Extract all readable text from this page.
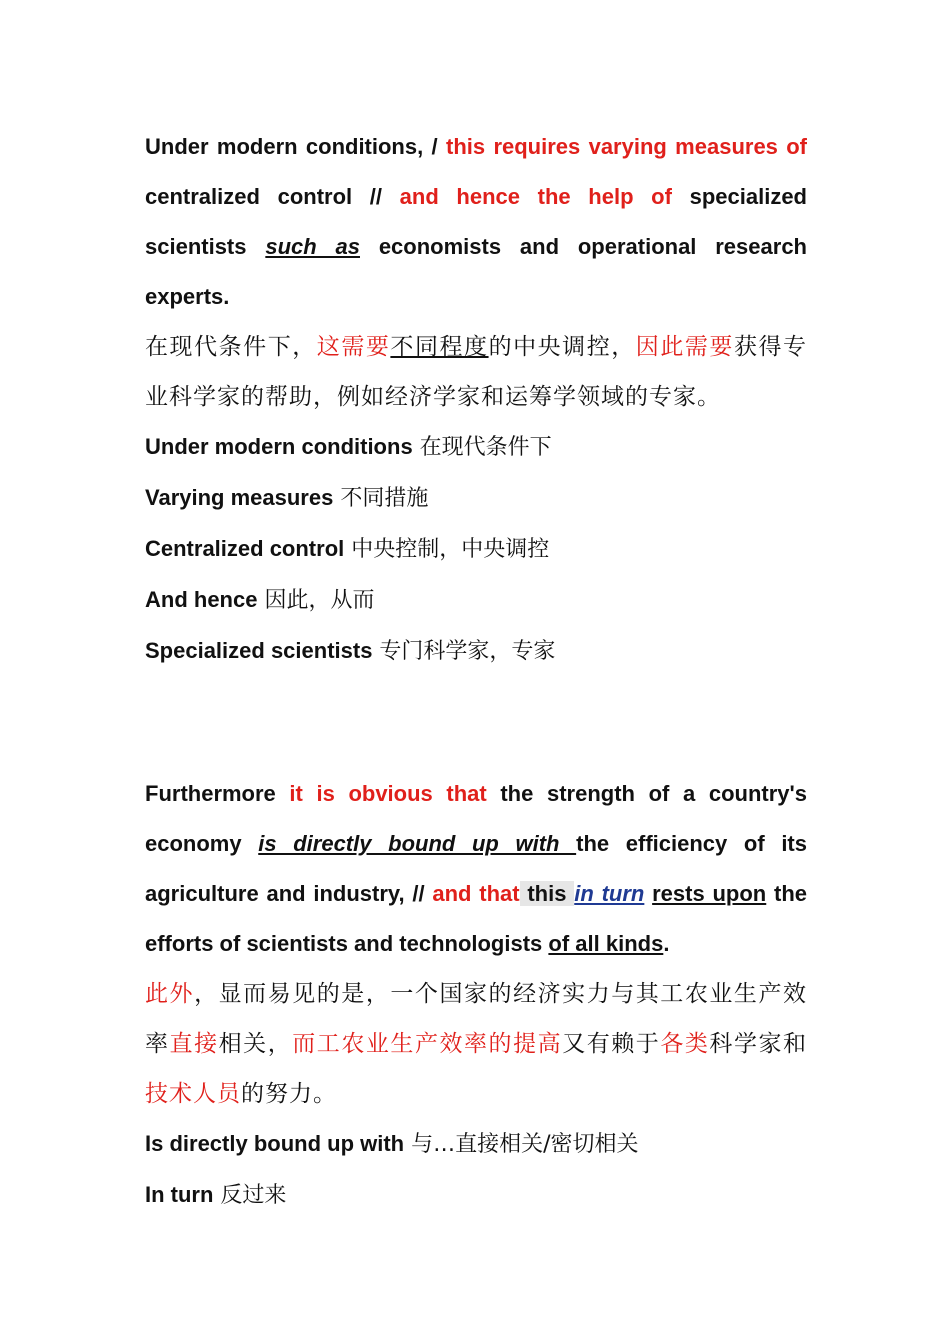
Under modern conditions, / this requires varying measures of centralized control // and hence the help of specialized scientists such as economists and operational research experts.

在现代条件下，这需要不同程度的中央调控，因此需要获得专业科学家的帮助，例如经济学家和运筹学领域的专家。

Under modern conditions 在现代条件下

Varying measures 不同措施

Centralized control 中央控制，中央调控

And hence 因此，从而

Specialized scientists 专门科学家，专家

Furthermore it is obvious that the strength of a country's economy is directly bound up with the efficiency of its agriculture and industry, // and that this in turn rests upon the efforts of scientists and technologists of all kinds.

此外，显而易见的是，一个国家的经济实力与其工农业生产效率直接相关，而工农业生产效率的提高又有赖于各类科学家和技术人员的努力。

Is directly bound up with 与…直接相关/密切相关

In turn 反过来
